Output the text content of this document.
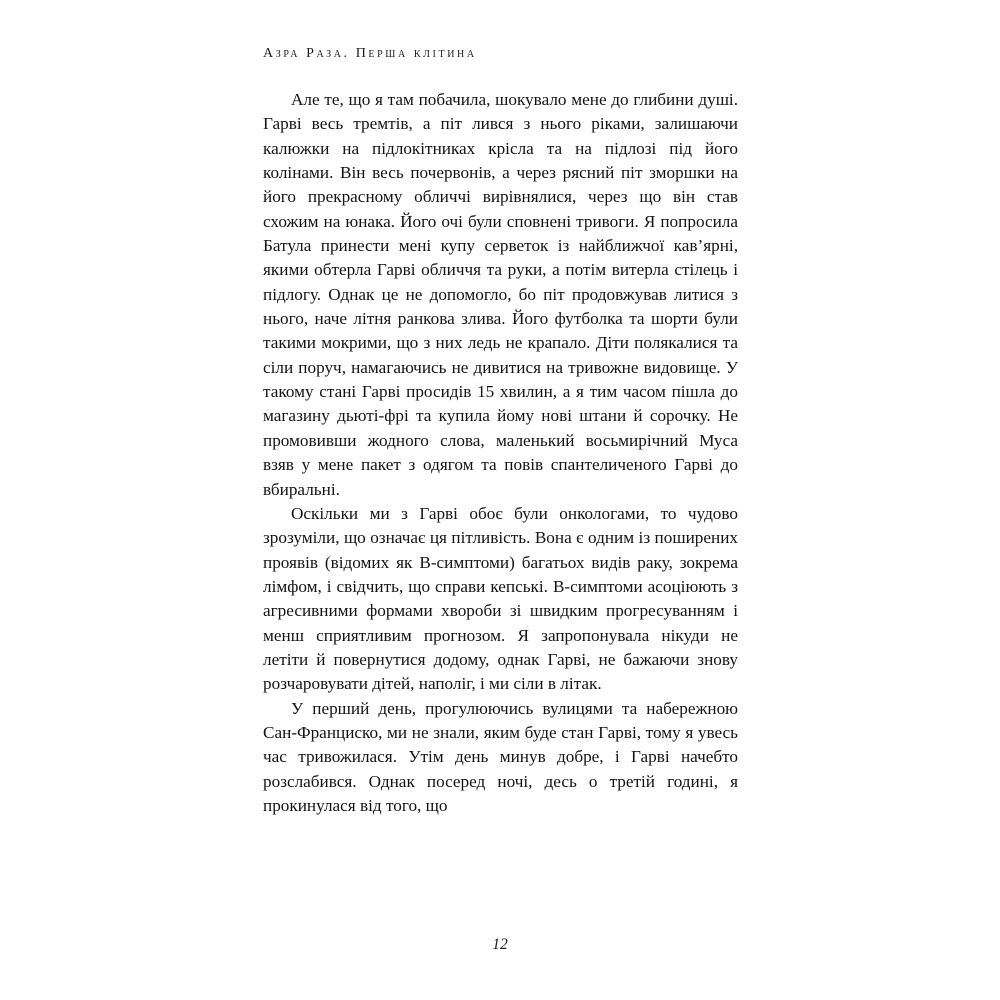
Азра Раза. Перша клітина

Але те, що я там побачила, шокувало мене до глибини душі. Гарві весь тремтів, а піт лився з нього ріками, залишаючи калюжки на підлокітниках крісла та на підлозі під його колінами. Він весь почервонів, а через рясний піт зморшки на його прекрасному обличчі вирівнялися, через що він став схожим на юнака. Його очі були сповнені тривоги. Я попросила Батула принести мені купу серветок із найближчої кав’ярні, якими обтерла Гарві обличчя та руки, а потім витерла стілець і підлогу. Однак це не допомогло, бо піт продовжував литися з нього, наче літня ранкова злива. Його футболка та шорти були такими мокрими, що з них ледь не крапало. Діти полякалися та сіли поруч, намагаючись не дивитися на тривожне видовище. У такому стані Гарві просидів 15 хвилин, а я тим часом пішла до магазину дьюті-фрі та купила йому нові штани й сорочку. Не промовивши жодного слова, маленький восьмирічний Муса взяв у мене пакет з одягом та повів спантеличеного Гарві до вбиральні.

Оскільки ми з Гарві обоє були онкологами, то чудово зрозуміли, що означає ця пітливість. Вона є одним із поширених проявів (відомих як В-симптоми) багатьох видів раку, зокрема лімфом, і свідчить, що справи кепські. В-симптоми асоціюють з агресивними формами хвороби зі швидким прогресуванням і менш сприятливим прогнозом. Я запропонувала нікуди не летіти й повернутися додому, однак Гарві, не бажаючи знову розчаровувати дітей, наполіг, і ми сіли в літак.

У перший день, прогулюючись вулицями та набережною Сан-Франциско, ми не знали, яким буде стан Гарві, тому я увесь час тривожилася. Утім день минув добре, і Гарві начебто розслабився. Однак посеред ночі, десь о третій годині, я прокинулася від того, що

12
